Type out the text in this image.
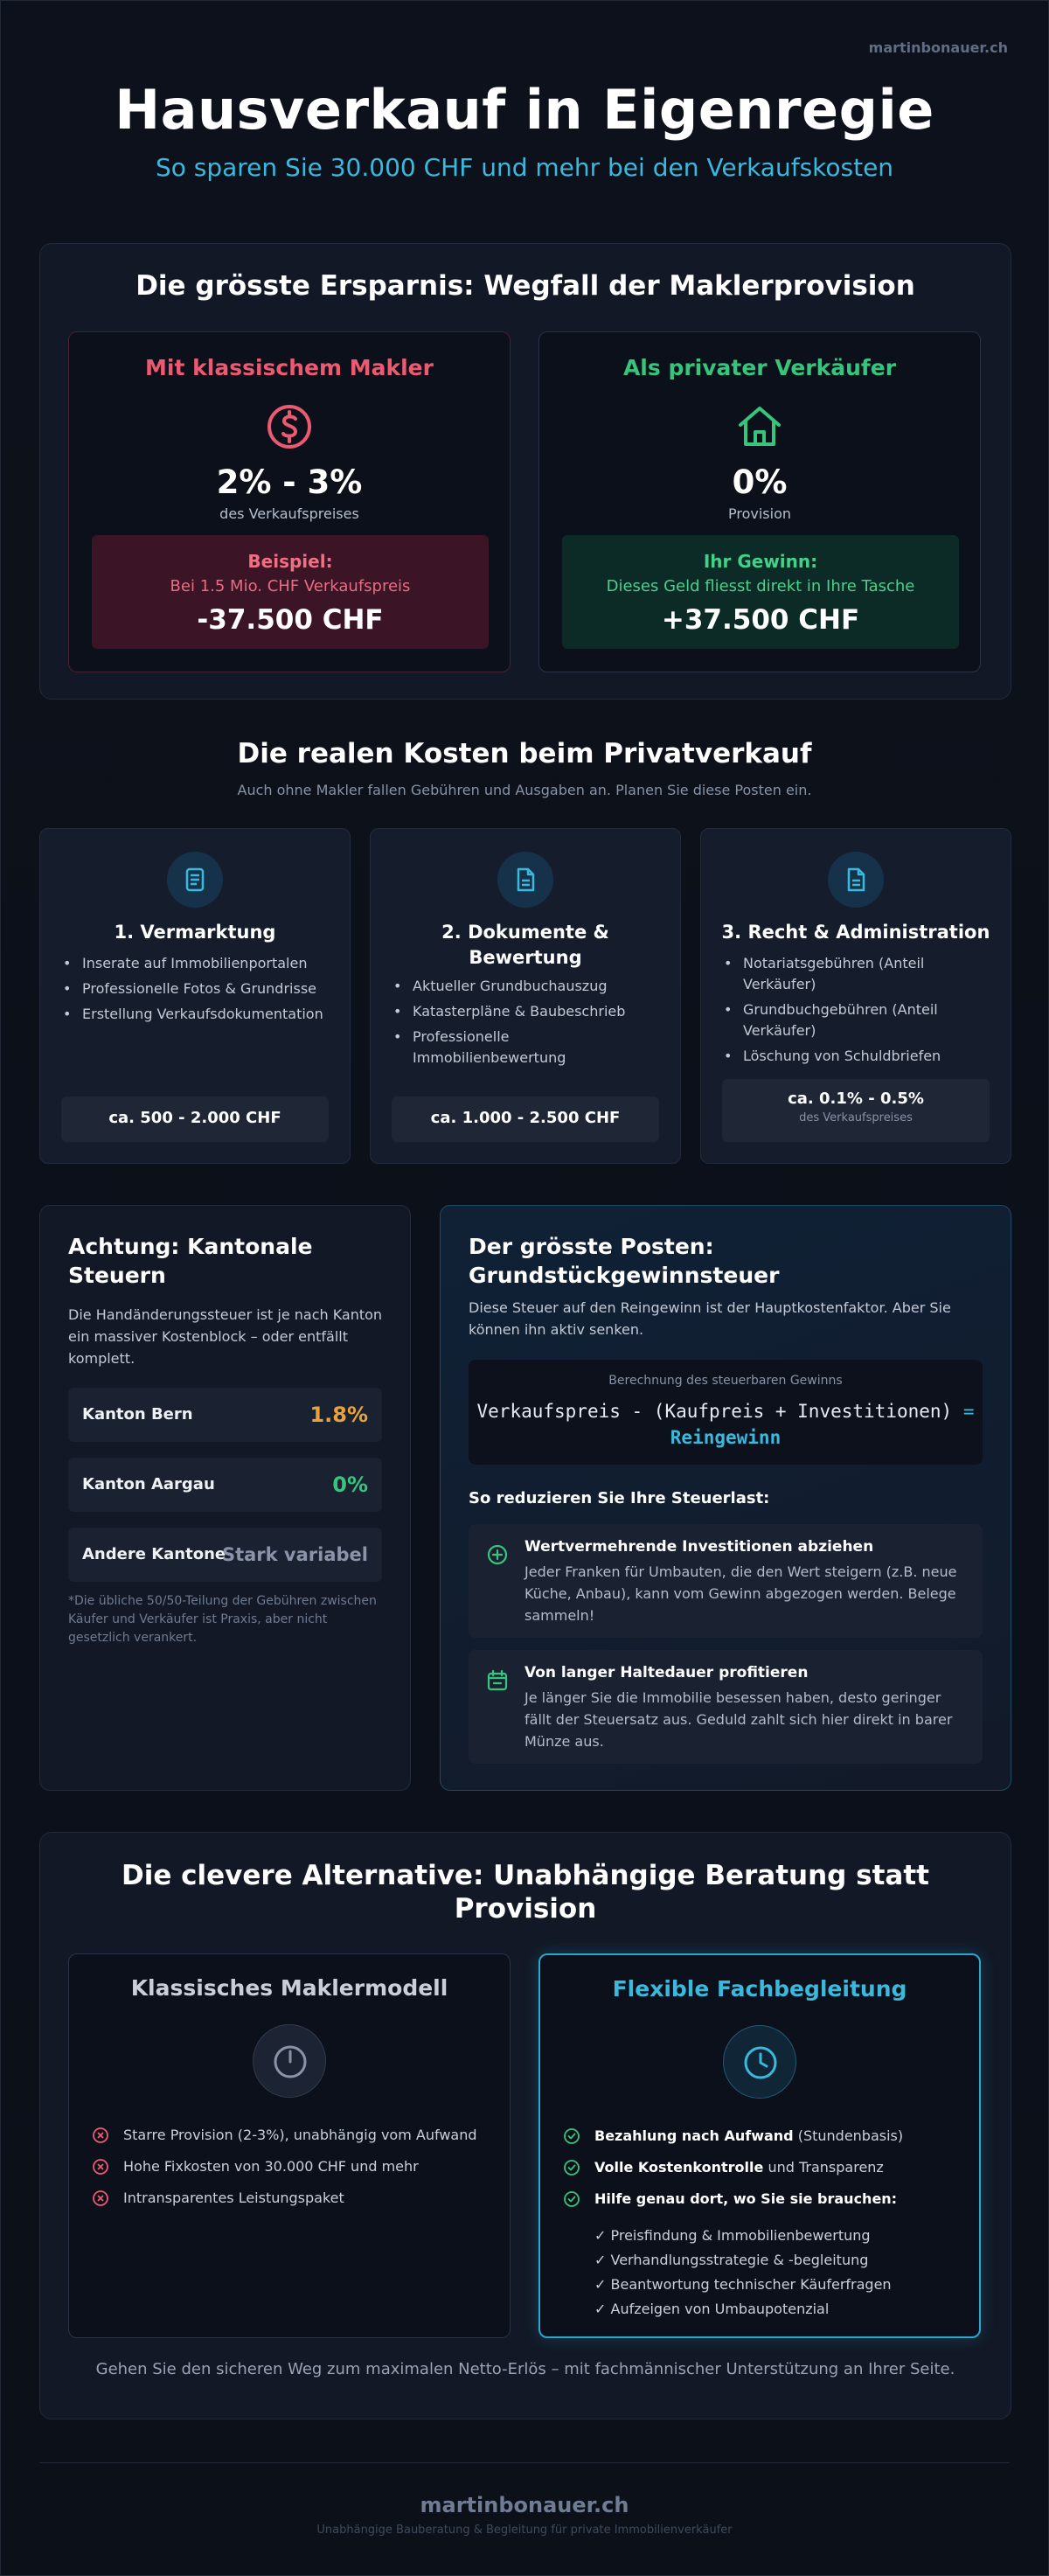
martinbonauer.ch
Hausverkauf in Eigenregie
So sparen Sie 30.000 CHF und mehr bei den Verkaufskosten
Die grösste Ersparnis: Wegfall der Maklerprovision
Mit klassischem Makler
2% - 3%
des Verkaufspreises
Beispiel:
Bei 1.5 Mio. CHF Verkaufspreis
-37.500 CHF
Als privater Verkäufer
0%
Provision
Ihr Gewinn:
Dieses Geld fliesst direkt in Ihre Tasche
+37.500 CHF
Die realen Kosten beim Privatverkauf
Auch ohne Makler fallen Gebühren und Ausgaben an. Planen Sie diese Posten ein.
1. Vermarktung
• Inserate auf Immobilienportalen
• Professionelle Fotos & Grundrisse
• Erstellung Verkaufsdokumentation
ca. 500 - 2.000 CHF
2. Dokumente & Bewertung
• Aktueller Grundbuchauszug
• Katasterpläne & Baubeschrieb
• Professionelle Immobilienbewertung
ca. 1.000 - 2.500 CHF
3. Recht & Administration
• Notariatsgebühren (Anteil Verkäufer)
• Grundbuchgebühren (Anteil Verkäufer)
• Löschung von Schuldbriefen
ca. 0.1% - 0.5%
des Verkaufspreises
Achtung: Kantonale Steuern
Die Handänderungssteuer ist je nach Kanton ein massiver Kostenblock – oder entfällt komplett.
Kanton Bern	1.8%
Kanton Aargau	0%
Andere Kantone
Stark variabel
*Die übliche 50/50-Teilung der Gebühren zwischen Käufer und Verkäufer ist Praxis, aber nicht gesetzlich verankert.
Der grösste Posten: Grundstückgewinnsteuer
Diese Steuer auf den Reingewinn ist der Hauptkostenfaktor. Aber Sie können ihn aktiv senken.
Berechnung des steuerbaren Gewinns
Verkaufspreis - (Kaufpreis + Investitionen) =
Reingewinn
So reduzieren Sie Ihre Steuerlast:
Wertvermehrende Investitionen abziehen
Jeder Franken für Umbauten, die den Wert steigern (z.B. neue Küche, Anbau), kann vom Gewinn abgezogen werden. Belege sammeln!
Von langer Haltedauer profitieren
Je länger Sie die Immobilie besessen haben, desto geringer fällt der Steuersatz aus. Geduld zahlt sich hier direkt in barer Münze aus.
Die clevere Alternative: Unabhängige Beratung statt Provision
Klassisches Maklermodell
Starre Provision (2-3%), unabhängig vom Aufwand
Hohe Fixkosten von 30.000 CHF und mehr
Intransparentes Leistungspaket
Flexible Fachbegleitung
Bezahlung nach Aufwand (Stundenbasis)
Volle Kostenkontrolle und Transparenz
Hilfe genau dort, wo Sie sie brauchen:
✓ Preisfindung & Immobilienbewertung
✓ Verhandlungsstrategie & -begleitung
✓ Beantwortung technischer Käuferfragen
✓ Aufzeigen von Umbaupotenzial
Gehen Sie den sicheren Weg zum maximalen Netto-Erlös – mit fachmännischer Unterstützung an Ihrer Seite.
martinbonauer.ch
Unabhängige Bauberatung & Begleitung für private Immobilienverkäufer
